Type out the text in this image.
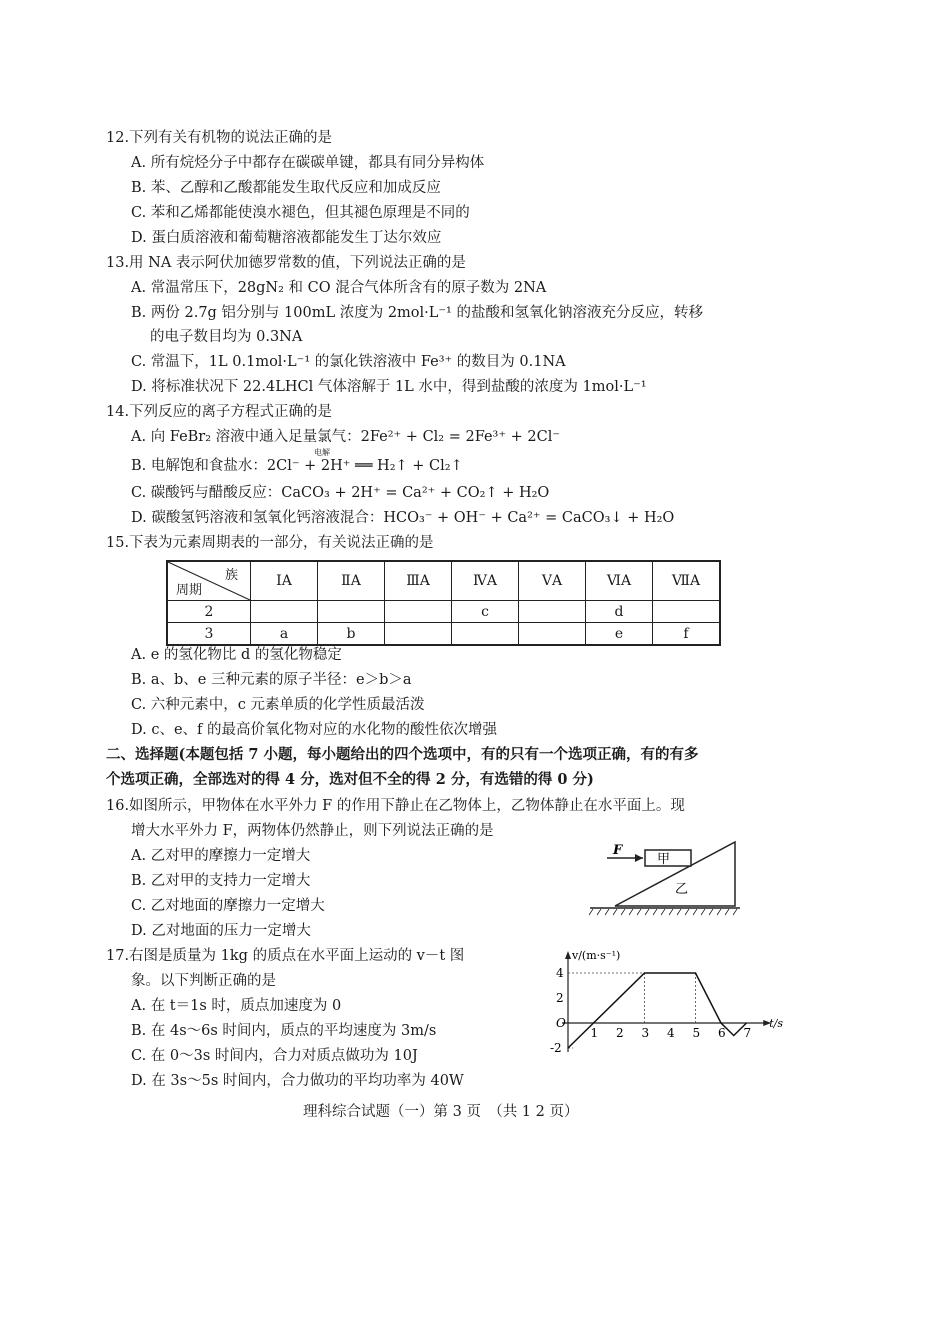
12.下列有关有机物的说法正确的是
A. 所有烷烃分子中都存在碳碳单键，都具有同分异构体
B. 苯、乙醇和乙酸都能发生取代反应和加成反应
C. 苯和乙烯都能使溴水褪色，但其褪色原理是不同的
D. 蛋白质溶液和葡萄糖溶液都能发生丁达尔效应
13.用 NA 表示阿伏加德罗常数的值，下列说法正确的是
A. 常温常压下，28gN₂ 和 CO 混合气体所含有的原子数为 2NA
B. 两份 2.7g 铝分别与 100mL 浓度为 2mol·L⁻¹ 的盐酸和氢氧化钠溶液充分反应，转移
的电子数目均为 0.3NA
C. 常温下，1L 0.1mol·L⁻¹ 的氯化铁溶液中 Fe³⁺ 的数目为 0.1NA
D. 将标准状况下 22.4LHCl 气体溶解于 1L 水中，得到盐酸的浓度为 1mol·L⁻¹
14.下列反应的离子方程式正确的是
A. 向 FeBr₂ 溶液中通入足量氯气：2Fe²⁺ + Cl₂ = 2Fe³⁺ + 2Cl⁻
电解
B. 电解饱和食盐水：2Cl⁻ + 2H⁺ ══ H₂↑ + Cl₂↑
C. 碳酸钙与醋酸反应：CaCO₃ + 2H⁺ = Ca²⁺ + CO₂↑ + H₂O
D. 碳酸氢钙溶液和氢氧化钙溶液混合：HCO₃⁻ + OH⁻ + Ca²⁺ = CaCO₃↓ + H₂O
15.下表为元素周期表的一部分，有关说法正确的是
族
周期	ⅠA	ⅡA	ⅢA	ⅣA	ⅤA	ⅥA	ⅦA
2				c		d	
3	a	b				e	f
A. e 的氢化物比 d 的氢化物稳定
B. a、b、e 三种元素的原子半径：e＞b＞a
C. 六种元素中，c 元素单质的化学性质最活泼
D. c、e、f 的最高价氧化物对应的水化物的酸性依次增强
二、选择题(本题包括 7 小题，每小题给出的四个选项中，有的只有一个选项正确，有的有多
个选项正确，全部选对的得 4 分，选对但不全的得 2 分，有选错的得 0 分)
16.如图所示，甲物体在水平外力 F 的作用下静止在乙物体上，乙物体静止在水平面上。现
增大水平外力 F，两物体仍然静止，则下列说法正确的是
A. 乙对甲的摩擦力一定增大
B. 乙对甲的支持力一定增大
C. 乙对地面的摩擦力一定增大
D. 乙对地面的压力一定增大
F
甲
乙
17.右图是质量为 1kg 的质点在水平面上运动的 v－t 图
象。以下判断正确的是
A. 在 t＝1s 时，质点加速度为 0
B. 在 4s～6s 时间内，质点的平均速度为 3m/s
C. 在 0～3s 时间内，合力对质点做功为 10J
D. 在 3s～5s 时间内，合力做功的平均功率为 40W
1 2 3 4 5 6 7
4
2
O
-2
v/(m·s⁻¹)
t/s
理科综合试题（一）第 3 页　（共 1 2 页）
